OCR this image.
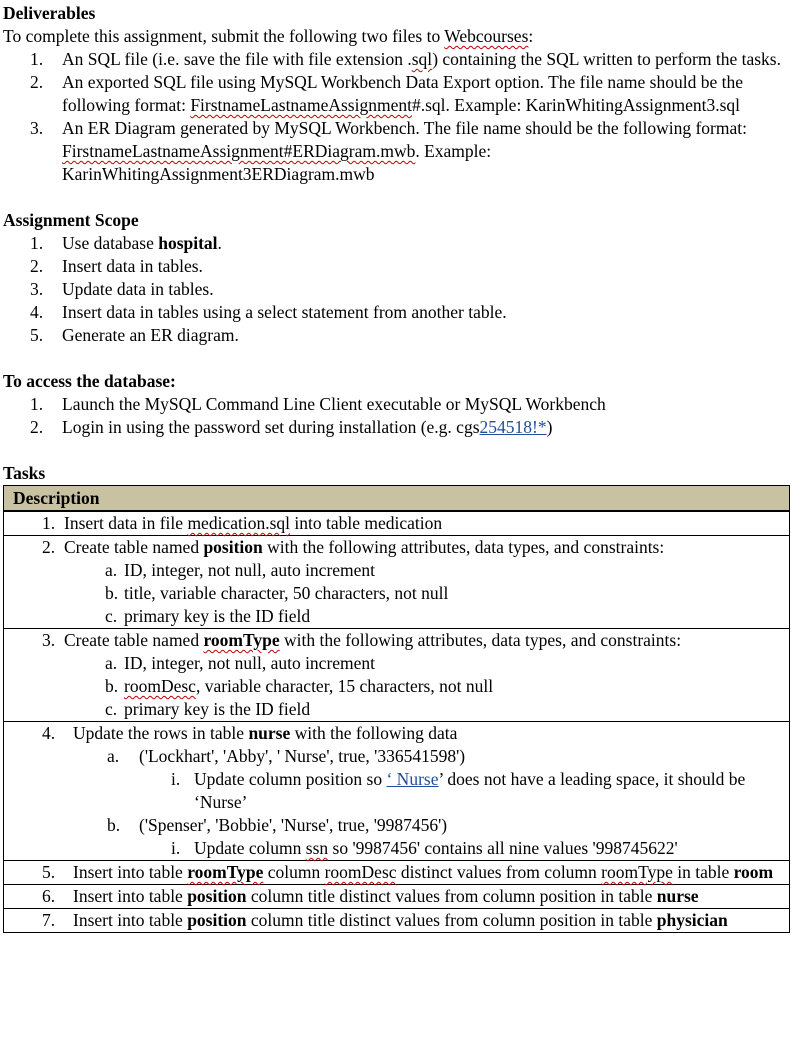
Deliverables
To complete this assignment, submit the following two files to Webcourses:
1. An SQL file (i.e. save the file with file extension .sql) containing the SQL written to perform the tasks.
2. An exported SQL file using MySQL Workbench Data Export option. The file name should be the following format: FirstnameLastnameAssignment#.sql. Example: KarinWhitingAssignment3.sql
3. An ER Diagram generated by MySQL Workbench. The file name should be the following format: FirstnameLastnameAssignment#ERDiagram.mwb. Example: KarinWhitingAssignment3ERDiagram.mwb
Assignment Scope
1. Use database hospital.
2. Insert data in tables.
3. Update data in tables.
4. Insert data in tables using a select statement from another table.
5. Generate an ER diagram.
To access the database:
1. Launch the MySQL Command Line Client executable or MySQL Workbench
2. Login in using the password set during installation (e.g. cgs254518!*)
Tasks
Description

1. Insert data in file medication.sql into table medication

2. Create table named position with the following attributes, data types, and constraints:
a. ID, integer, not null, auto increment
b. title, variable character, 50 characters, not null
c. primary key is the ID field

3. Create table named roomType with the following attributes, data types, and constraints:
a. ID, integer, not null, auto increment
b. roomDesc, variable character, 15 characters, not null
c. primary key is the ID field

4. Update the rows in table nurse with the following data
a. ('Lockhart', 'Abby', ' Nurse', true, '336541598')
i. Update column position so ‘ Nurse’ does not have a leading space, it should be ‘Nurse’
b. ('Spenser', 'Bobbie', 'Nurse', true, '9987456')
i. Update column ssn so '9987456' contains all nine values '998745622'

5. Insert into table roomType column roomDesc distinct values from column roomType in table room

6. Insert into table position column title distinct values from column position in table nurse

7. Insert into table position column title distinct values from column position in table physician
